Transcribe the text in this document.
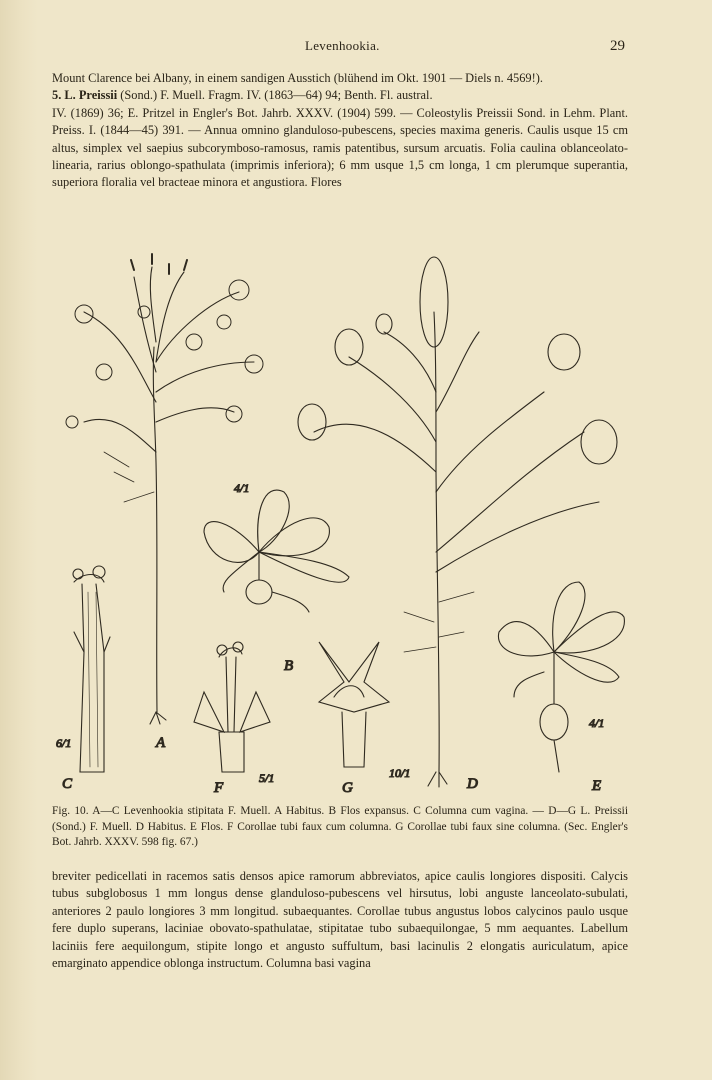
Levenhookia.	29

Mount Clarence bei Albany, in einem sandigen Ausstich (blühend im Okt. 1901 — Diels n. 4569!).

5. L. Preissii (Sond.) F. Muell. Fragm. IV. (1863—64) 94; Benth. Fl. austral.

IV. (1869) 36; E. Pritzel in Engler's Bot. Jahrb. XXXV. (1904) 599. — Coleostylis Preissii Sond. in Lehm. Plant. Preiss. I. (1844—45) 391. — Annua omnino glanduloso-pubescens, species maxima generis. Caulis usque 15 cm altus, simplex vel saepius subcorymboso-ramosus, ramis patentibus, sursum arcuatis. Folia caulina oblanceolato-linearia, rarius oblongo-spathulata (imprimis inferiora); 6 mm usque 1,5 cm longa, 1 cm plerumque superantia, superiora floralia vel bracteae minora et angustiora. Flores

A
B
C	D	E
F	G
4/1
6/1
5/1	10/1
4/1
Fig. 10. A—C Levenhookia stipitata F. Muell. A Habitus. B Flos expansus. C Columna cum vagina. — D—G L. Preissii (Sond.) F. Muell. D Habitus. E Flos. F Corollae tubi faux cum columna. G Corollae tubi faux sine columna. (Sec. Engler's Bot. Jahrb. XXXV. 598 fig. 67.)
breviter pedicellati in racemos satis densos apice ramorum abbreviatos, apice caulis longiores dispositi. Calycis tubus subglobosus 1 mm longus dense glanduloso-pubescens vel hirsutus, lobi anguste lanceolato-subulati, anteriores 2 paulo longiores 3 mm longitud. subaequantes. Corollae tubus angustus lobos calycinos paulo usque fere duplo superans, laciniae obovato-spathulatae, stipitatae tubo subaequilongae, 5 mm aequantes. Labellum laciniis fere aequilongum, stipite longo et angusto suffultum, basi lacinulis 2 elongatis auriculatum, apice emarginato appendice oblonga instructum. Columna basi vagina
